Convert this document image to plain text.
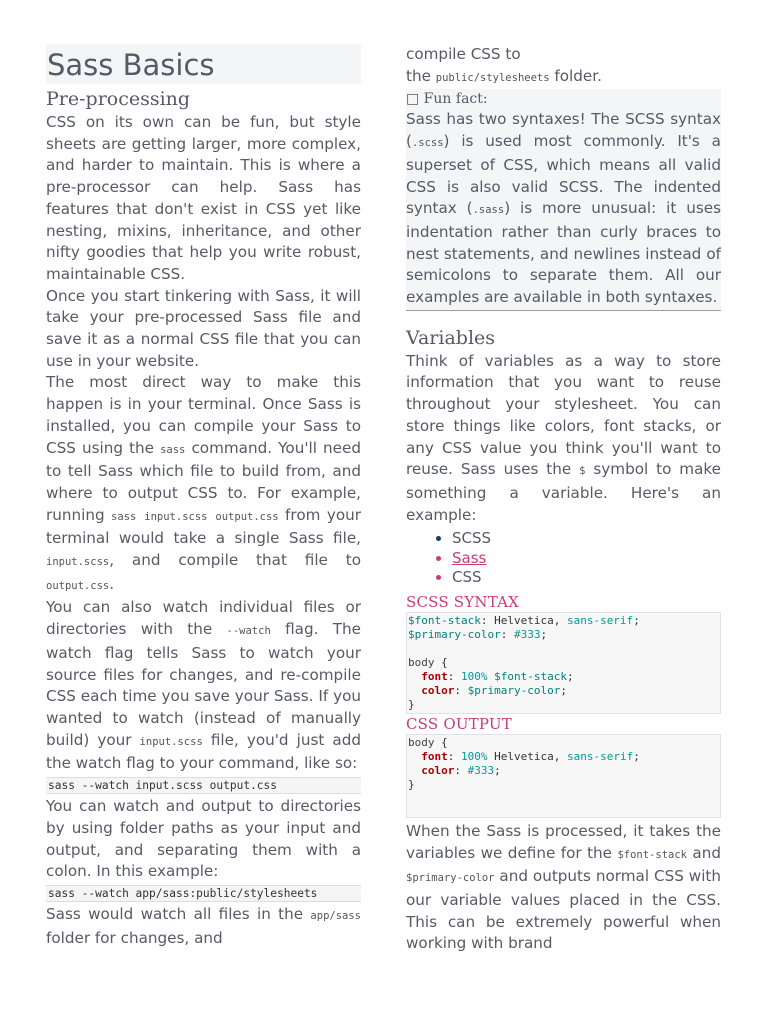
Sass Basics
Pre-processing

CSS on its own can be fun, but style sheets are getting larger, more complex, and harder to maintain. This is where a pre-processor can help. Sass has features that don't exist in CSS yet like nesting, mixins, inheritance, and other nifty goodies that help you write robust, maintainable CSS.

Once you start tinkering with Sass, it will take your pre-processed Sass file and save it as a normal CSS file that you can use in your website.

The most direct way to make this happen is in your terminal. Once Sass is installed, you can compile your Sass to CSS using the sass command. You'll need to tell Sass which file to build from, and where to output CSS to. For example, running sass input.scss output.css from your terminal would take a single Sass file, input.scss, and compile that file to output.css.

You can also watch individual files or directories with the --watch flag. The watch flag tells Sass to watch your source files for changes, and re-compile CSS each time you save your Sass. If you wanted to watch (instead of manually build) your input.scss file, you'd just add the watch flag to your command, like so:

sass --watch input.scss output.css

You can watch and output to directories by using folder paths as your input and output, and separating them with a colon. In this example:

sass --watch app/sass:public/stylesheets

Sass would watch all files in the app/sass folder for changes, and

compile CSS to
the public/stylesheets folder.

□ Fun fact:

Sass has two syntaxes! The SCSS syntax (.scss) is used most commonly. It's a superset of CSS, which means all valid CSS is also valid SCSS. The indented syntax (.sass) is more unusual: it uses indentation rather than curly braces to nest statements, and newlines instead of semicolons to separate them. All our examples are available in both syntaxes.

Variables

Think of variables as a way to store information that you want to reuse throughout your stylesheet. You can store things like colors, font stacks, or any CSS value you think you'll want to reuse. Sass uses the $ symbol to make something a variable. Here's an example:

• SCSS
• Sass
• CSS
SCSS SYNTAX
$font-stack: Helvetica, sans-serif;
$primary-color: #333;

body {
font: 100% $font-stack;
color: $primary-color;
}
CSS OUTPUT
body {
font: 100% Helvetica, sans-serif;
color: #333;
}

When the Sass is processed, it takes the variables we define for the $font-stack and $primary-color and outputs normal CSS with our variable values placed in the CSS. This can be extremely powerful when working with brand
